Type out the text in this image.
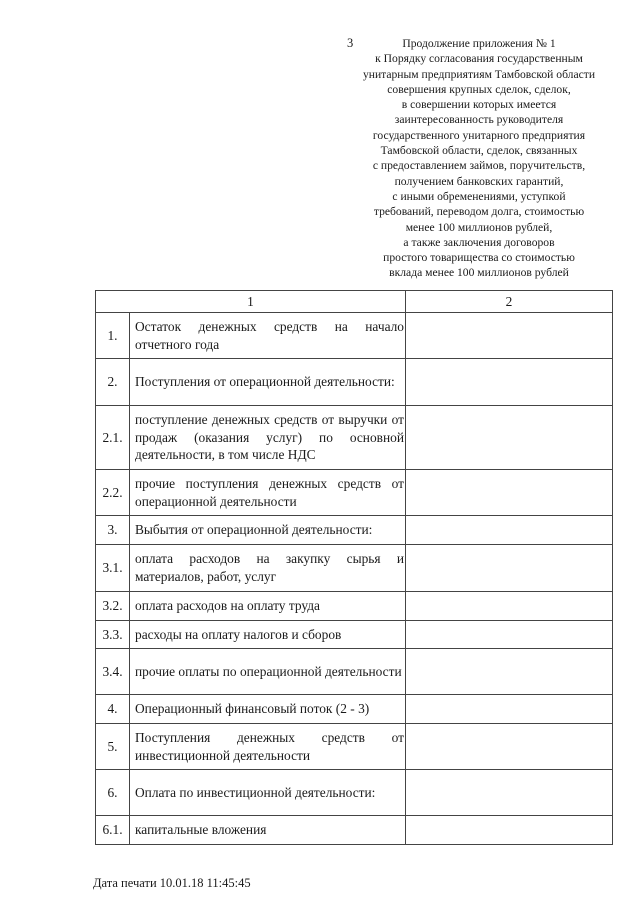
3	Продолжение приложения № 1
к Порядку согласования государственным
унитарным предприятиям Тамбовской области
совершения крупных сделок, сделок,
в совершении которых имеется
заинтересованность руководителя
государственного унитарного предприятия
Тамбовской области, сделок, связанных
с предоставлением займов, поручительств,
получением банковских гарантий,
с иными обременениями, уступкой
требований, переводом долга, стоимостью
менее 100 миллионов рублей,
а также заключения договоров
простого товарищества со стоимостью
вклада менее 100 миллионов рублей
1		2
1.	Остаток денежных средств на начало отчетного года	
2.	Поступления от операционной деятельности:	
2.1.	поступление денежных средств от выручки от продаж (оказания услуг) по основной деятельности, в том числе НДС	
2.2.	прочие поступления денежных средств от операционной деятельности	
3.	Выбытия от операционной деятельности:	
3.1.	оплата расходов на закупку сырья и материалов, работ, услуг	
3.2.	оплата расходов на оплату труда	
3.3.	расходы на оплату налогов и сборов	
3.4.	прочие оплаты по операционной деятельности	
4.	Операционный финансовый поток (2 - 3)	
5.	Поступления денежных средств от инвестиционной деятельности	
6.	Оплата по инвестиционной деятельности:	
6.1.	капитальные вложения	
Дата печати 10.01.18 11:45:45
